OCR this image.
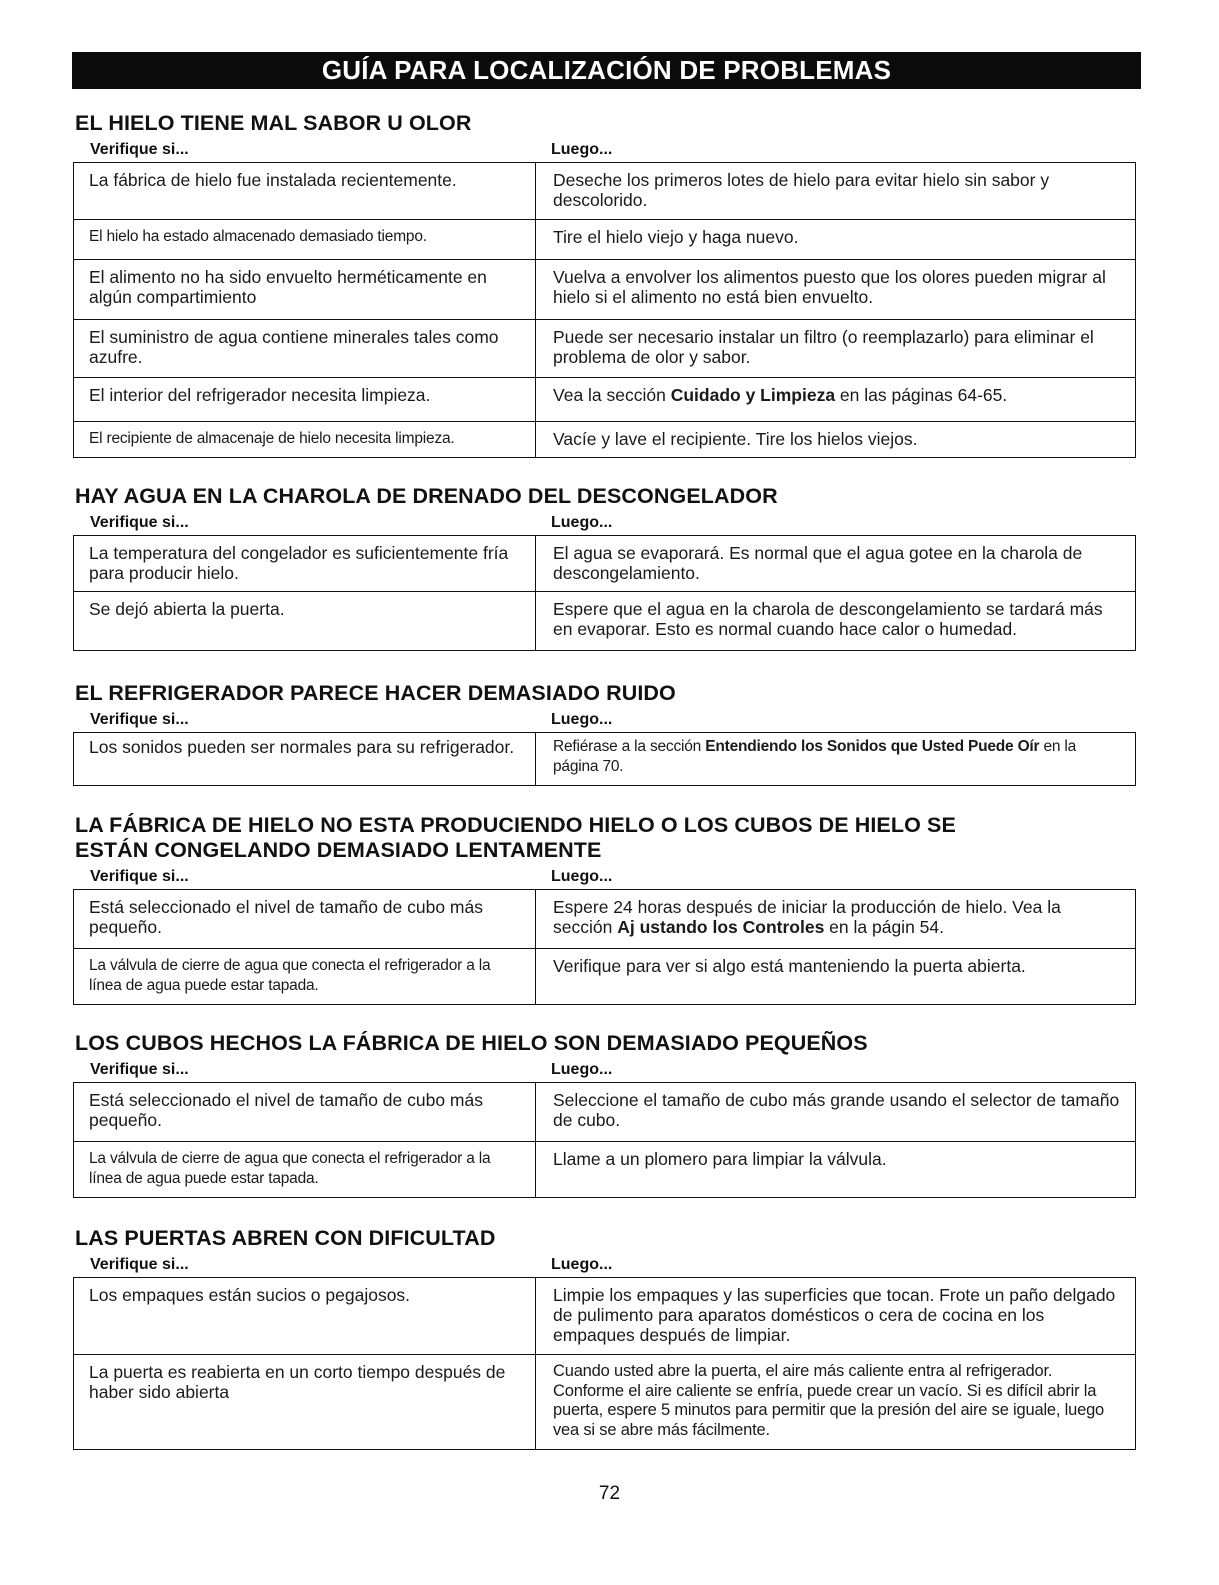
GUÍA PARA LOCALIZACIÓN DE PROBLEMAS
EL HIELO TIENE MAL SABOR U OLOR
Verifique si...	Luego...
La fábrica de hielo fue instalada recientemente.	Deseche los primeros lotes de hielo para evitar hielo sin sabor y descolorido.
El hielo ha estado almacenado demasiado tiempo.	Tire el hielo viejo y haga nuevo.
El alimento no ha sido envuelto herméticamente en algún compartimiento	Vuelva a envolver los alimentos puesto que los olores pueden migrar al hielo si el alimento no está bien envuelto.
El suministro de agua contiene minerales tales como azufre.	Puede ser necesario instalar un filtro (o reemplazarlo) para eliminar el problema de olor y sabor.
El interior del refrigerador necesita limpieza.	Vea la sección Cuidado y Limpieza en las páginas 64-65.
El recipiente de almacenaje de hielo necesita limpieza.	Vacíe y lave el recipiente. Tire los hielos viejos.
HAY AGUA EN LA CHAROLA DE DRENADO DEL DESCONGELADOR
Verifique si...	Luego...
La temperatura del congelador es suficientemente fría para producir hielo.	El agua se evaporará. Es normal que el agua gotee en la charola de descongelamiento.
Se dejó abierta la puerta.	Espere que el agua en la charola de descongelamiento se tardará más en evaporar. Esto es normal cuando hace calor o humedad.
EL REFRIGERADOR PARECE HACER DEMASIADO RUIDO
Verifique si...	Luego...
Los sonidos pueden ser normales para su refrigerador.	Refiérase a la sección Entendiendo los Sonidos que Usted Puede Oír en la página 70.
LA FÁBRICA DE HIELO NO ESTA PRODUCIENDO HIELO O LOS CUBOS DE HIELO SE
ESTÁN CONGELANDO DEMASIADO LENTAMENTE
Verifique si...	Luego...
Está seleccionado el nivel de tamaño de cubo más pequeño.	Espere 24 horas después de iniciar la producción de hielo. Vea la sección Aj ustando los Controles en la págin 54.
La válvula de cierre de agua que conecta el refrigerador a la línea de agua puede estar tapada.	Verifique para ver si algo está manteniendo la puerta abierta.
LOS CUBOS HECHOS LA FÁBRICA DE HIELO SON DEMASIADO PEQUEÑOS
Verifique si...	Luego...
Está seleccionado el nivel de tamaño de cubo más pequeño.	Seleccione el tamaño de cubo más grande usando el selector de tamaño de cubo.
La válvula de cierre de agua que conecta el refrigerador a la línea de agua puede estar tapada.	Llame a un plomero para limpiar la válvula.
LAS PUERTAS ABREN CON DIFICULTAD
Verifique si...	Luego...
Los empaques están sucios o pegajosos.	Limpie los empaques y las superficies que tocan. Frote un paño delgado de pulimento para aparatos domésticos o cera de cocina en los empaques después de limpiar.
La puerta es reabierta en un corto tiempo después de haber sido abierta	Cuando usted abre la puerta, el aire más caliente entra al refrigerador. Conforme el aire caliente se enfría, puede crear un vacío. Si es difícil abrir la puerta, espere 5 minutos para permitir que la presión del aire se iguale, luego vea si se abre más fácilmente.
72
